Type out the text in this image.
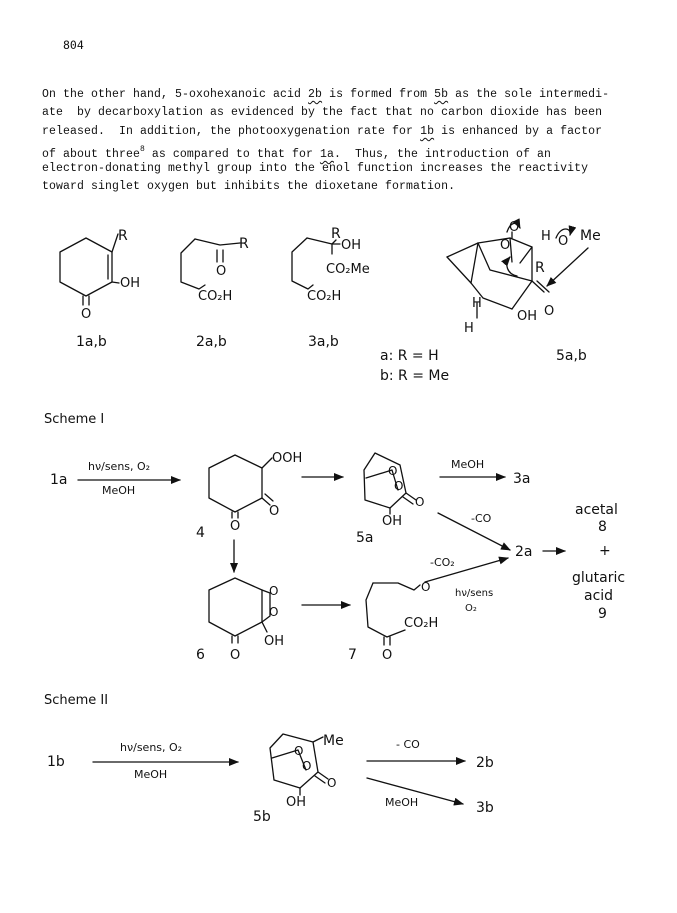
804
On the other hand, 5-oxohexanoic acid 2b is formed from 5b as the sole intermedi-
ate  by decarboxylation as evidenced by the fact that no carbon dioxide has been
released.  In addition, the photooxygenation rate for 1b is enhanced by a factor
of about three$^8$ as compared to that for 1a.  Thus, the introduction of an
electron-donating methyl group into the enol function increases the reactivity
toward singlet oxygen but inhibits the dioxetane formation.
Scheme I
Scheme II
R
OH
O
1a,b
R
O
CO₂H
2a,b
R
OH
CO₂Me
CO₂H
3a,b
O
O
H O Me
R
H
H
OH O
5a,b
a: R = H
b: R = Me
1a
hν/sens, O₂
MeOH
OOH
O
O
4
O
O
O
OH
5a
MeOH
3a
-CO
2a
acetal
8
+
glutaric
acid
9
O
O
OH
O
6
O
CO₂H
O
7
-CO₂
hν/sens
O₂
1b
hν/sens, O₂
MeOH
O
O
Me
O
OH
5b
- CO
2b
MeOH	3b
